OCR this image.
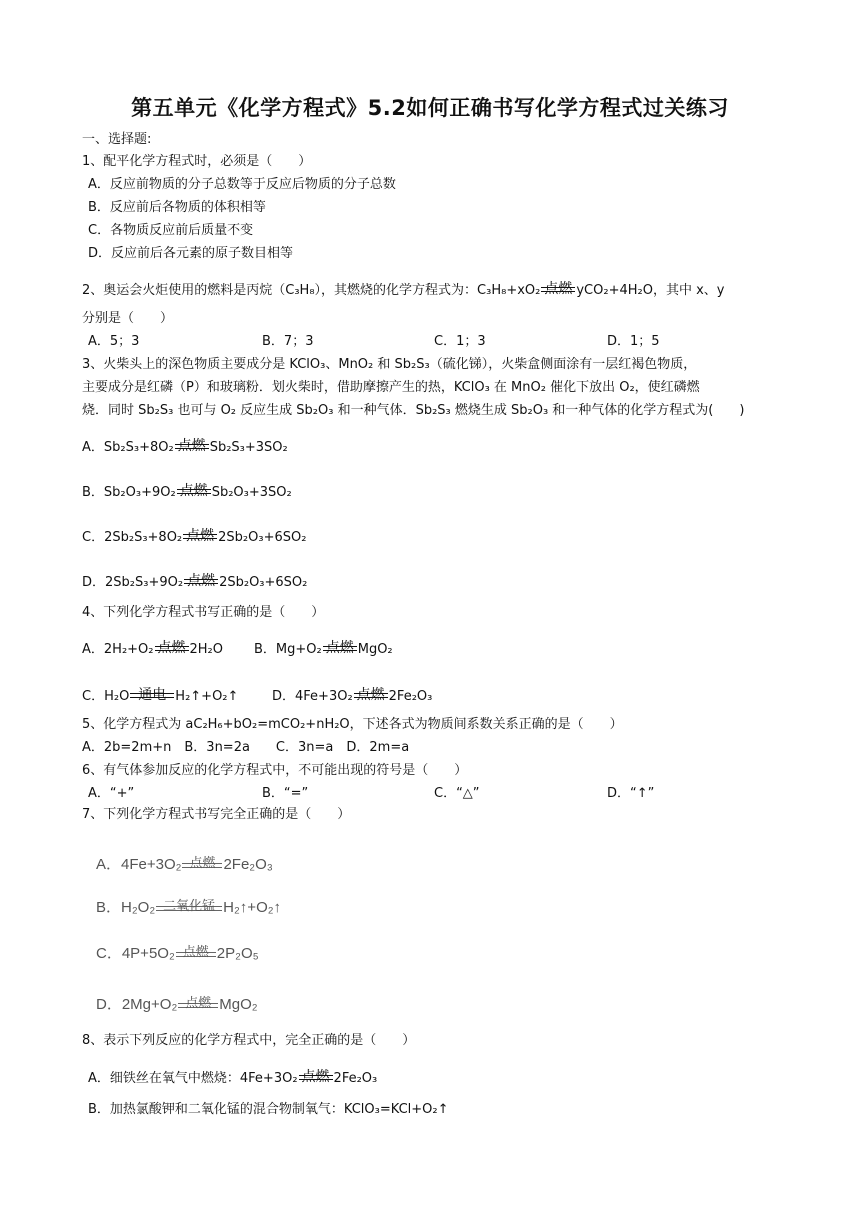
第五单元《化学方程式》5.2如何正确书写化学方程式过关练习
一、选择题:
1、配平化学方程式时，必须是（　　）
A．反应前物质的分子总数等于反应后物质的分子总数
B．反应前后各物质的体积相等
C．各物质反应前后质量不变
D．反应前后各元素的原子数目相等
2、奥运会火炬使用的燃料是丙烷（C₃H₈），其燃烧的化学方程式为：C₃H₈+xO₂ 点燃 yCO₂+4H₂O，其中 x、y
分别是（　　）
A．5；3	B．7；3	C．1；3	D．1；5
3、火柴头上的深色物质主要成分是 KClO₃、MnO₂ 和 Sb₂S₃（硫化锑），火柴盒侧面涂有一层红褐色物质，
主要成分是红磷（P）和玻璃粉．划火柴时，借助摩擦产生的热，KClO₃ 在 MnO₂ 催化下放出 O₂，使红磷燃
烧．同时 Sb₂S₃ 也可与 O₂ 反应生成 Sb₂O₃ 和一种气体．Sb₂S₃ 燃烧生成 Sb₂O₃ 和一种气体的化学方程式为(　　)
A．Sb₂S₃+8O₂ 点燃 Sb₂S₃+3SO₂
B．Sb₂O₃+9O₂ 点燃 Sb₂O₃+3SO₂
C．2Sb₂S₃+8O₂ 点燃 2Sb₂O₃+6SO₂
D．2Sb₂S₃+9O₂ 点燃 2Sb₂O₃+6SO₂
4、下列化学方程式书写正确的是（　　）
A．2H₂+O₂ 点燃 2H₂O B．Mg+O₂ 点燃 MgO₂
C．H₂O 通电 H₂↑+O₂↑	D．4Fe+3O₂ 点燃 2Fe₂O₃
5、化学方程式为 aC₂H₆+bO₂=mCO₂+nH₂O，下述各式为物质间系数关系正确的是（　　）
A．2b=2m+n　B．3n=2a　　C．3n=a　D．2m=a
6、有气体参加反应的化学方程式中，不可能出现的符号是（　　）
A．“+”	B．“=”	C．“△”	D．“↑”
7、下列化学方程式书写完全正确的是（　　）
A．4Fe+3O₂ 点燃 2Fe₂O₃
B．H₂O₂ 二氧化锰 H₂↑+O₂↑
C．4P+5O₂ 点燃 2P₂O₅
D．2Mg+O₂ 点燃 MgO₂
8、表示下列反应的化学方程式中，完全正确的是（　　）
A．细铁丝在氧气中燃烧：4Fe+3O₂ 点燃 2Fe₂O₃
B．加热氯酸钾和二氧化锰的混合物制氧气：KClO₃=KCl+O₂↑
